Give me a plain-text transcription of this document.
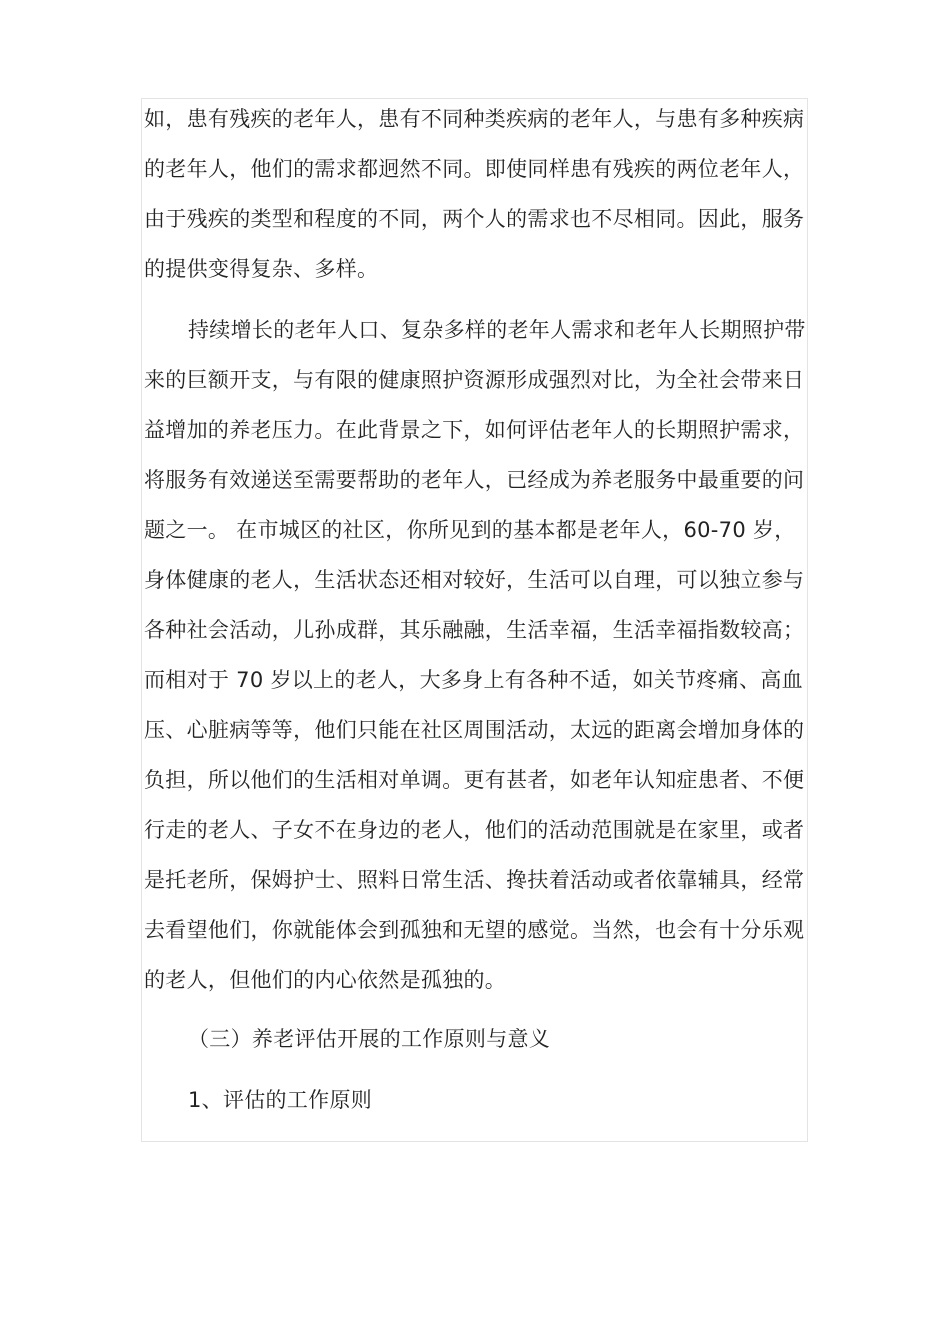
如，患有残疾的老年人，患有不同种类疾病的老年人，与患有多种疾病
的老年人，他们的需求都迥然不同。即使同样患有残疾的两位老年人，
由于残疾的类型和程度的不同，两个人的需求也不尽相同。因此，服务
的提供变得复杂、多样。
持续增长的老年人口、复杂多样的老年人需求和老年人长期照护带
来的巨额开支，与有限的健康照护资源形成强烈对比，为全社会带来日
益增加的养老压力。在此背景之下，如何评估老年人的长期照护需求，
将服务有效递送至需要帮助的老年人，已经成为养老服务中最重要的问
题之一。 在市城区的社区，你所见到的基本都是老年人，60-70 岁，
身体健康的老人，生活状态还相对较好，生活可以自理，可以独立参与
各种社会活动，儿孙成群，其乐融融，生活幸福，生活幸福指数较高；
而相对于 70 岁以上的老人，大多身上有各种不适，如关节疼痛、高血
压、心脏病等等，他们只能在社区周围活动，太远的距离会增加身体的
负担，所以他们的生活相对单调。更有甚者，如老年认知症患者、不便
行走的老人、子女不在身边的老人，他们的活动范围就是在家里，或者
是托老所，保姆护士、照料日常生活、搀扶着活动或者依靠辅具，经常
去看望他们，你就能体会到孤独和无望的感觉。当然，也会有十分乐观
的老人，但他们的内心依然是孤独的。
（三）养老评估开展的工作原则与意义
1、评估的工作原则
